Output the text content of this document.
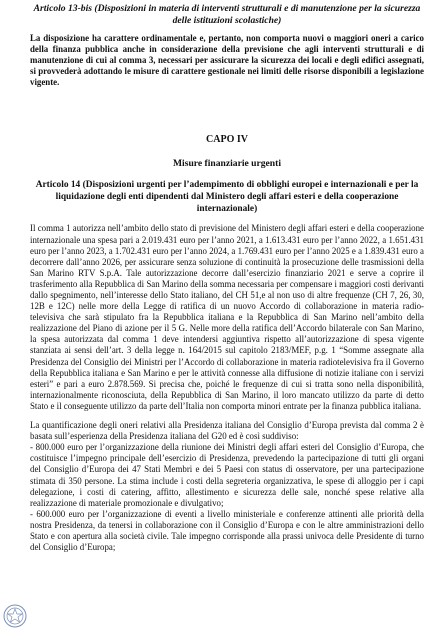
Articolo 13-bis (Disposizioni in materia di interventi strutturali e di manutenzione per la sicurezza delle istituzioni scolastiche)

La disposizione ha carattere ordinamentale e, pertanto, non comporta nuovi o maggiori oneri a carico della finanza pubblica anche in considerazione della previsione che agli interventi strutturali e di manutenzione di cui al comma 3, necessari per assicurare la sicurezza dei locali e degli edifici assegnati, si provvederà adottando le misure di carattere gestionale nei limiti delle risorse disponibili a legislazione vigente.

CAPO IV

Misure finanziarie urgenti

Articolo 14 (Disposizioni urgenti per l’adempimento di obblighi europei e internazionali e per la liquidazione degli enti dipendenti dal Ministero degli affari esteri e della cooperazione internazionale)

Il comma 1 autorizza nell’ambito dello stato di previsione del Ministero degli affari esteri e della cooperazione internazionale una spesa pari a 2.019.431 euro per l’anno 2021, a 1.613.431 euro per l’anno 2022, a 1.651.431 euro per l’anno 2023, a 1.702.431 euro per l’anno 2024, a 1.769.431 euro per l’anno 2025 e a 1.839.431 euro a decorrere dall’anno 2026, per assicurare senza soluzione di continuità la prosecuzione delle trasmissioni della San Marino RTV S.p.A. Tale autorizzazione decorre dall’esercizio finanziario 2021 e serve a coprire il trasferimento alla Repubblica di San Marino della somma necessaria per compensare i maggiori costi derivanti dallo spegnimento, nell’interesse dello Stato italiano, del CH 51,e al non uso di altre frequenze (CH 7, 26, 30, 12B e 12C) nelle more della Legge di ratifica di un nuovo Accordo di collaborazione in materia radio-televisiva che sarà stipulato fra la Repubblica italiana e la Repubblica di San Marino nell’ambito della realizzazione del Piano di azione per il 5 G. Nelle more della ratifica dell’Accordo bilaterale con San Marino, la spesa autorizzata dal comma 1 deve intendersi aggiuntiva rispetto all’autorizzazione di spesa vigente stanziata ai sensi dell’art. 3 della legge n. 164/2015 sul capitolo 2183/MEF, p.g. 1 “Somme assegnate alla Presidenza del Consiglio dei Ministri per l’Accordo di collaborazione in materia radiotelevisiva fra il Governo della Repubblica italiana e San Marino e per le attività connesse alla diffusione di notizie italiane con i servizi esteri” e pari a euro 2.878.569. Si precisa che, poiché le frequenze di cui si tratta sono nella disponibilità, internazionalmente riconosciuta, della Repubblica di San Marino, il loro mancato utilizzo da parte di detto Stato e il conseguente utilizzo da parte dell’Italia non comporta minori entrate per la finanza pubblica italiana.

La quantificazione degli oneri relativi alla Presidenza italiana del Consiglio d’Europa prevista dal comma 2 è basata sull’esperienza della Presidenza italiana del G20 ed è così suddiviso:

- 800.000 euro per l’organizzazione della riunione dei Ministri degli affari esteri del Consiglio d’Europa, che costituisce l’impegno principale dell’esercizio di Presidenza, prevedendo la partecipazione di tutti gli organi del Consiglio d’Europa dei 47 Stati Membri e dei 5 Paesi con status di osservatore, per una partecipazione stimata di 350 persone. La stima include i costi della segreteria organizzativa, le spese di alloggio per i capi delegazione, i costi di catering, affitto, allestimento e sicurezza delle sale, nonché spese relative alla realizzazione di materiale promozionale e divulgativo;

- 600.000 euro per l’organizzazione di eventi a livello ministeriale e conferenze attinenti alle priorità della nostra Presidenza, da tenersi in collaborazione con il Consiglio d’Europa e con le altre amministrazioni dello Stato e con apertura alla società civile. Tale impegno corrisponde alla prassi univoca delle Presidente di turno del Consiglio d’Europa;
